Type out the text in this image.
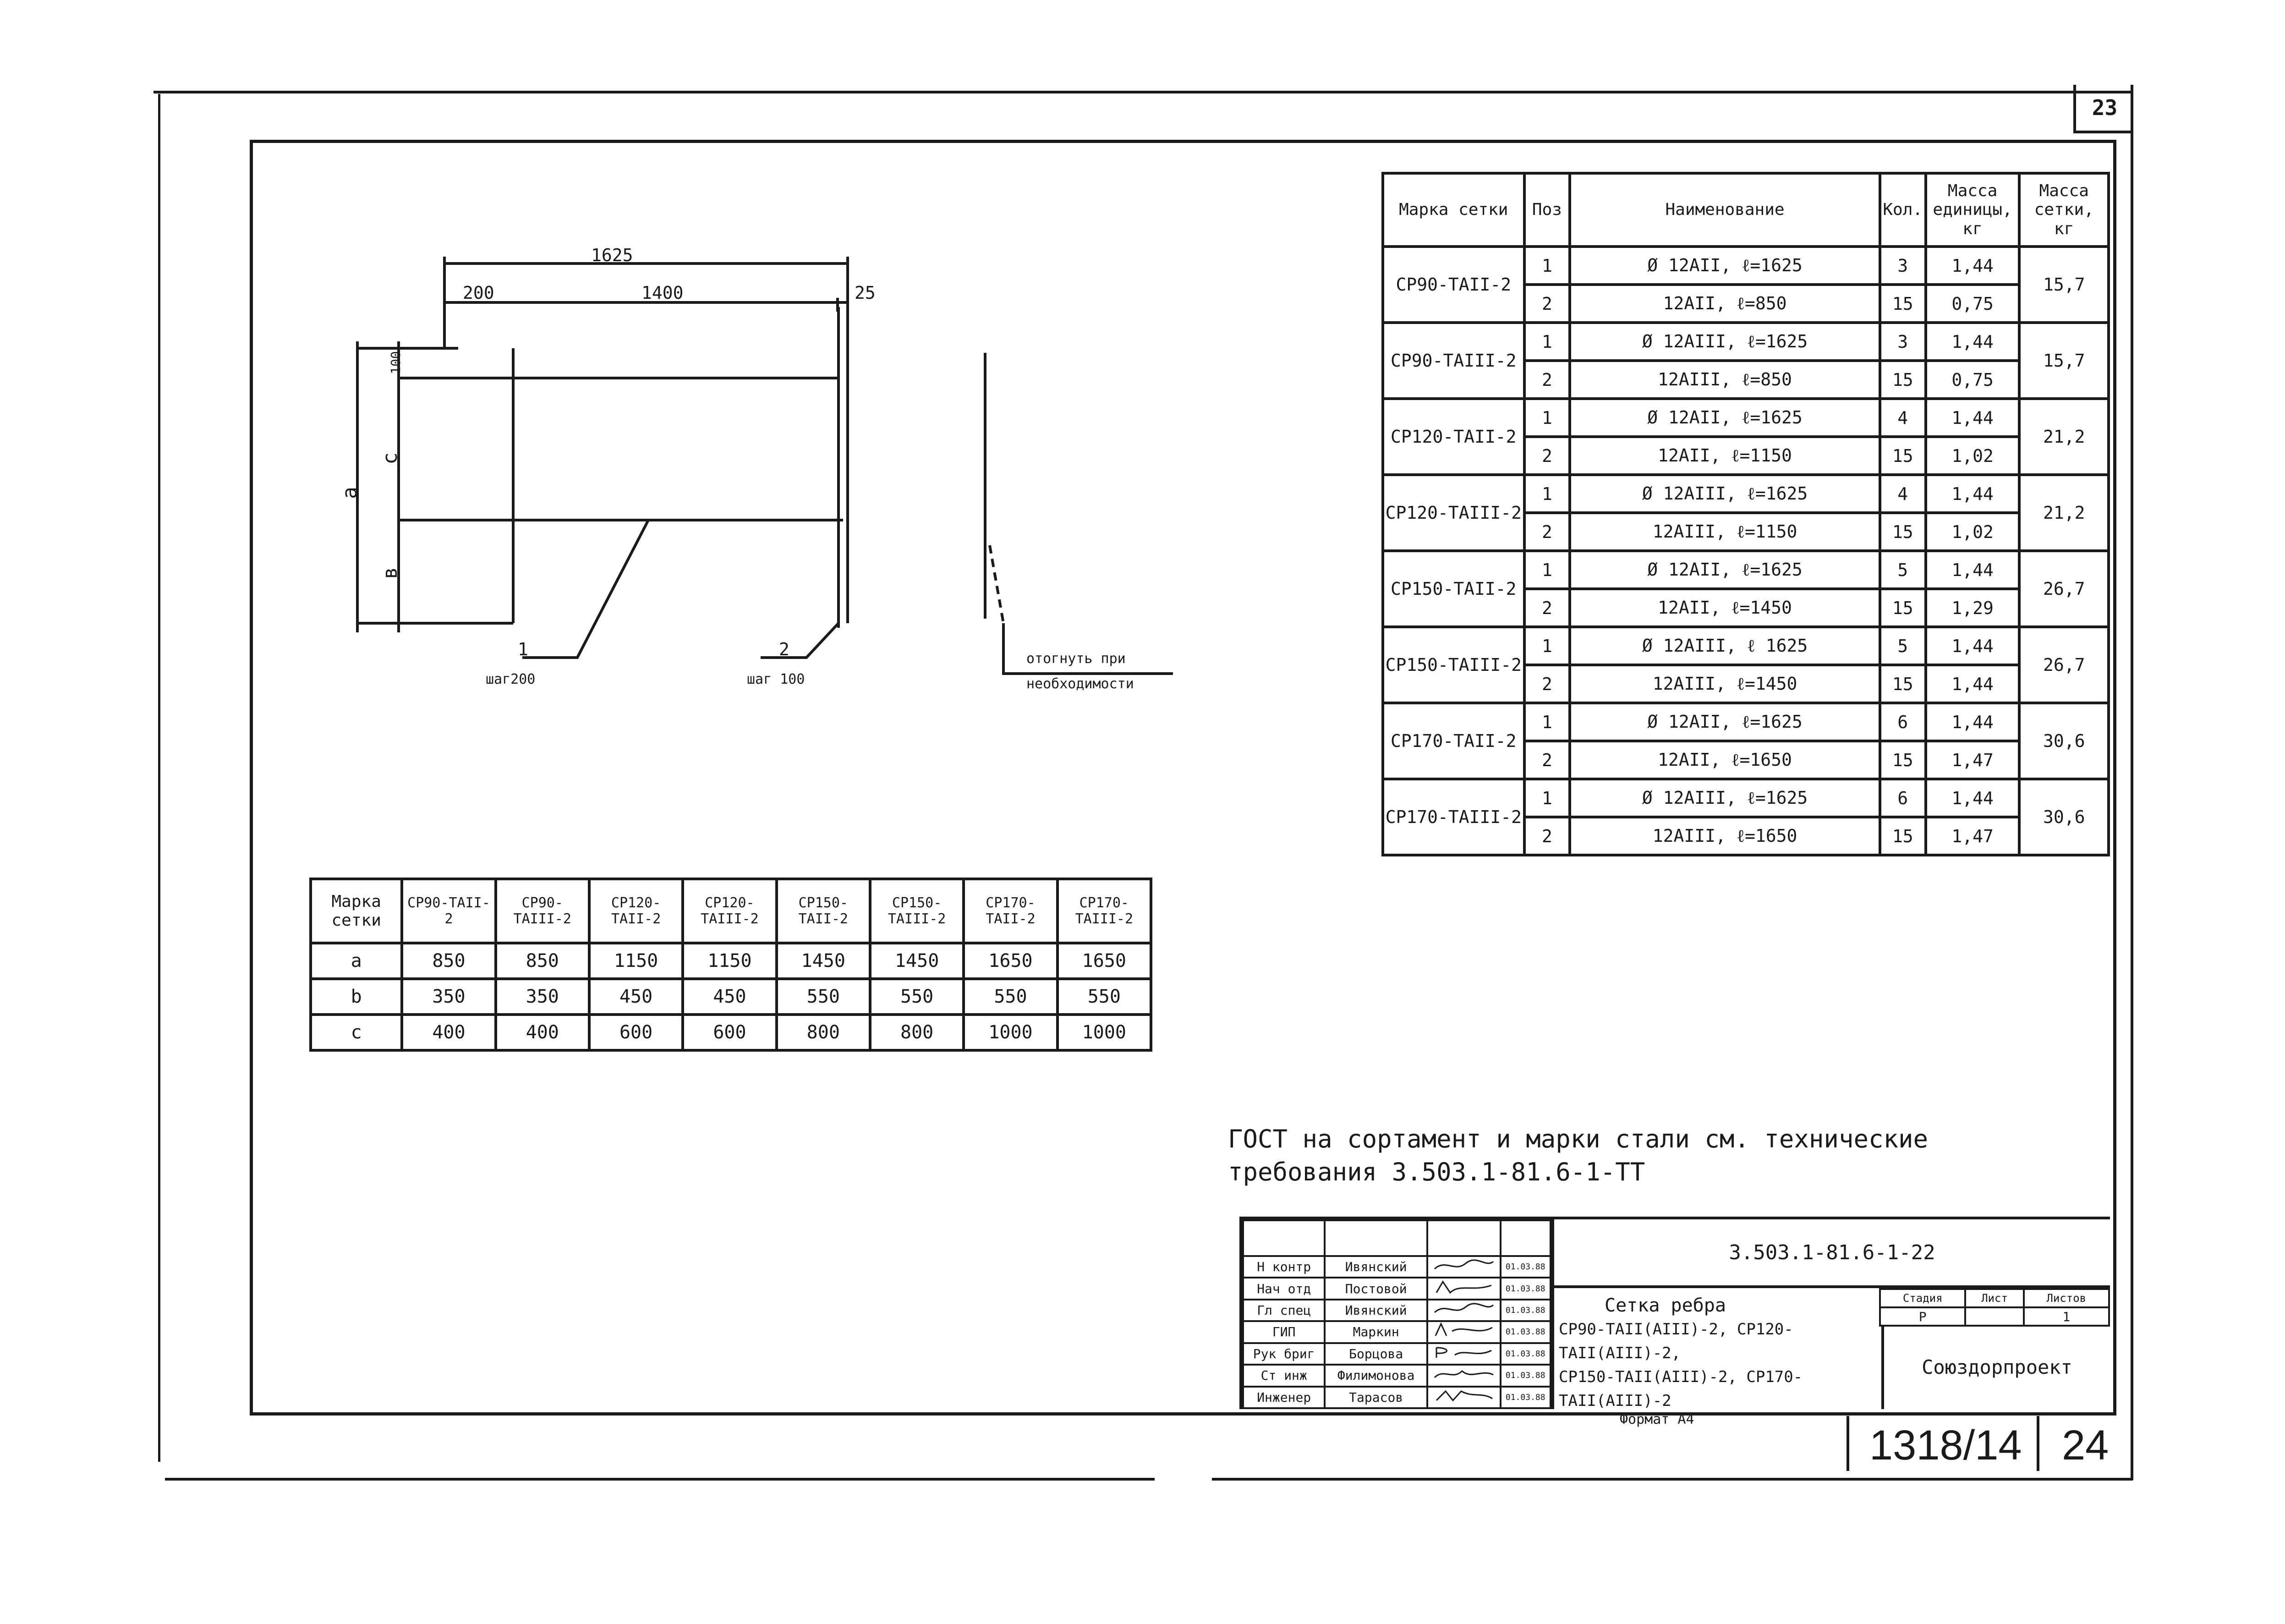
23
1625
200	1400	25
100
a
c
в
1
шаг200
2
шаг 100
отогнуть при
необходимости
Марка сетки	Поз	Наименование	Кол.	Масса единицы, кг	Масса сетки, кг
СР90-ТАII-2	1	Ø 12АII, ℓ=1625	3	1,44	15,7
	2	12АII, ℓ=850	15	0,75	
СР90-ТАIII-2	1	Ø 12АIII, ℓ=1625	3	1,44	15,7
	2	12АIII, ℓ=850	15	0,75	
СР120-ТАII-2	1	Ø 12АII, ℓ=1625	4	1,44	21,2
	2	12АII, ℓ=1150	15	1,02	
СР120-ТАIII-2	1	Ø 12АIII, ℓ=1625	4	1,44	21,2
	2	12АIII, ℓ=1150	15	1,02	
СР150-ТАII-2	1	Ø 12АII, ℓ=1625	5	1,44	26,7
	2	12АII, ℓ=1450	15	1,29	
СР150-ТАIII-2	1	Ø 12АIII, ℓ 1625	5	1,44	26,7
	2	12АIII, ℓ=1450	15	1,44	
СР170-ТАII-2	1	Ø 12АII, ℓ=1625	6	1,44	30,6
	2	12АII, ℓ=1650	15	1,47	
СР170-ТАIII-2	1	Ø 12АIII, ℓ=1625	6	1,44	30,6
	2	12АIII, ℓ=1650	15	1,47	
Марка сетки	СР90-ТАII-2	СР90-ТАIII-2	СР120-ТАII-2	СР120-ТАIII-2	СР150-ТАII-2	СР150-ТАIII-2	СР170-ТАII-2	СР170-ТАIII-2
a	850	850	1150	1150	1450	1450	1650	1650
b	350	350	450	450	550	550	550	550
c	400	400	600	600	800	800	1000	1000
ГОСТ на сортамент и марки стали см. технические
требования 3.503.1-81.6-1-ТТ

Н контр	Ивянский		01.03.88
Нач отд	Постовой		01.03.88
Гл спец	Ивянский		01.03.88
ГИП	Маркин		01.03.88
Рук бриг	Борцова		01.03.88
Ст инж	Филимонова		01.03.88
Инженер	Тарасов		01.03.88
3.503.1-81.6-1-22
Сетка ребра
СР90-ТАII(АIII)-2, СР120-ТАII(АIII)-2,
СР150-ТАII(АIII)-2, СР170-ТАII(АIII)-2
Стадия	Лист	Листов
Р		1
Союздорпроект
Формат А4
1318/14 24
